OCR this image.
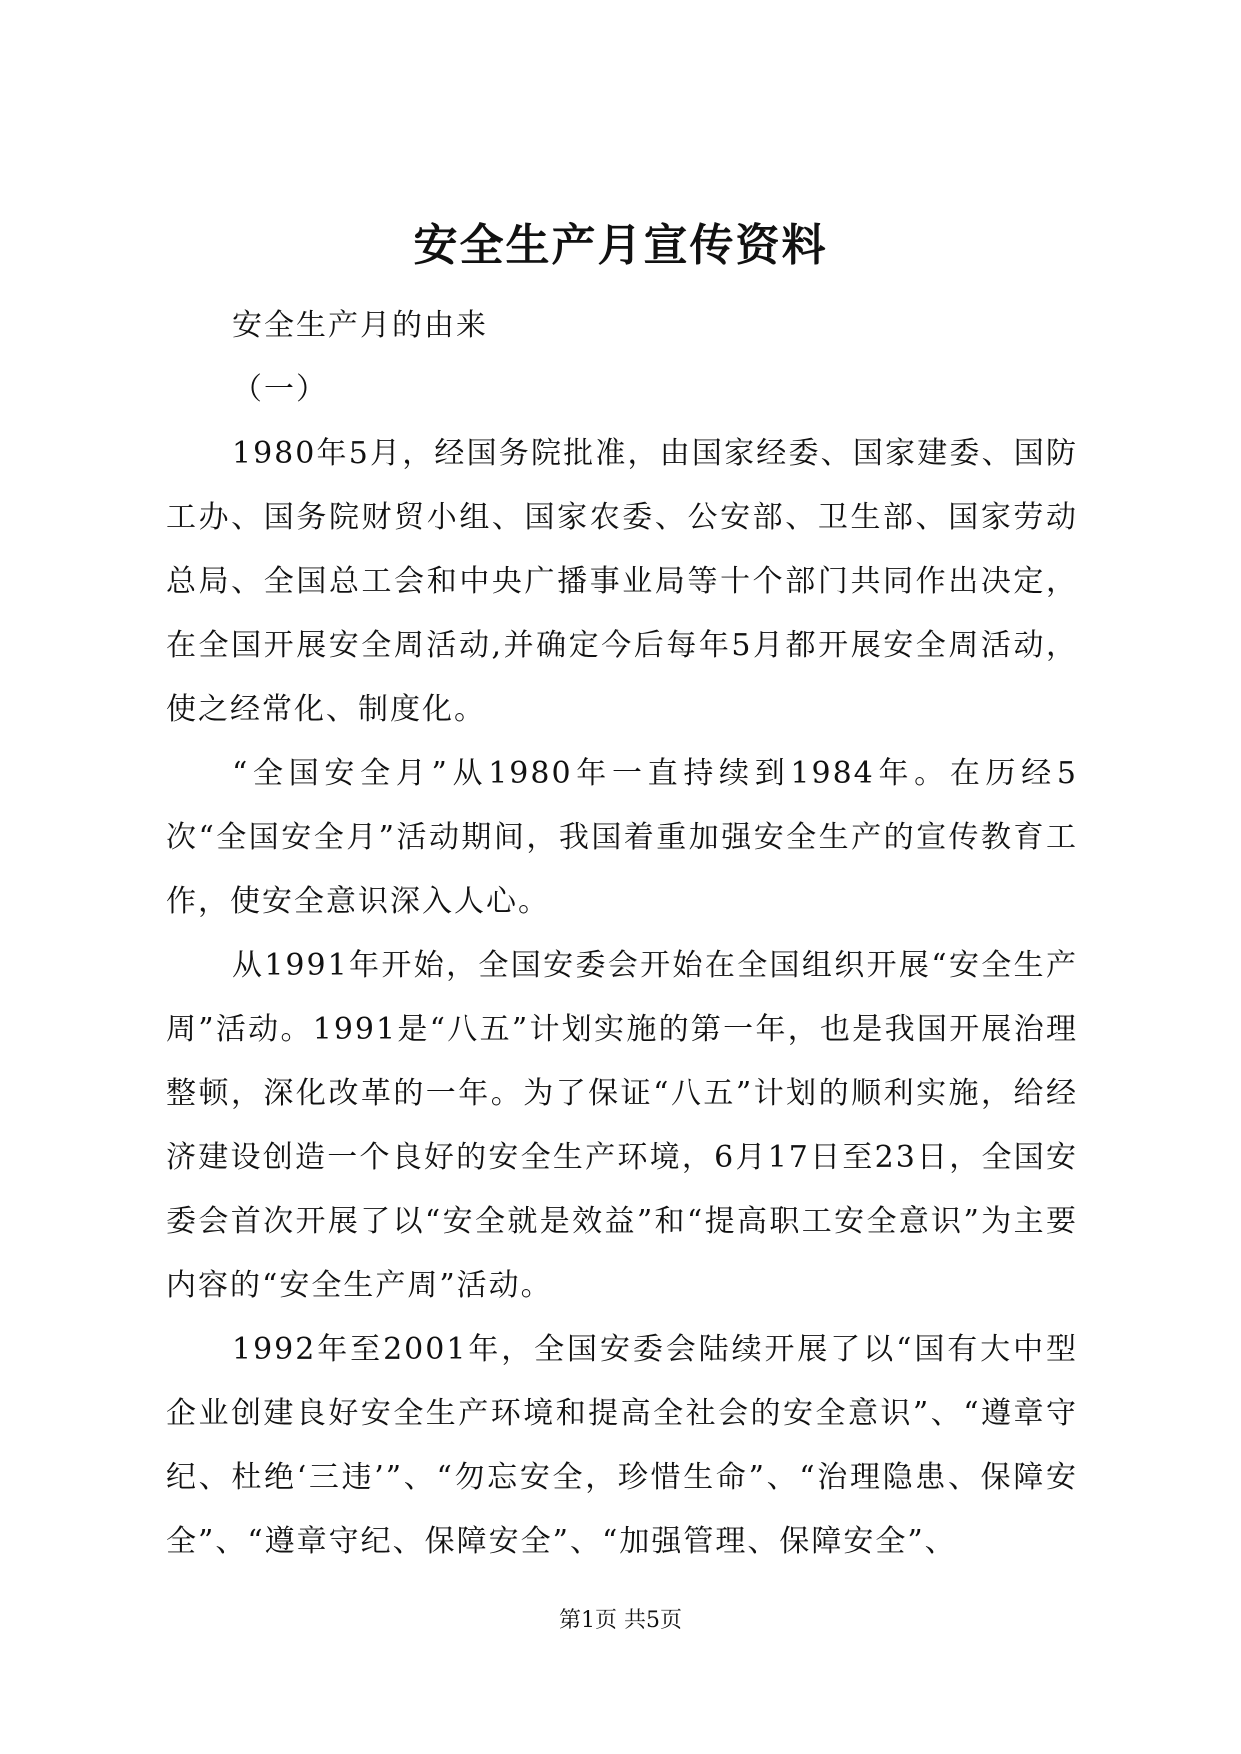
安全生产月宣传资料

安全生产月的由来

（一）

1980年5月，经国务院批准，由国家经委、国家建委、国防工办、国务院财贸小组、国家农委、公安部、卫生部、国家劳动总局、全国总工会和中央广播事业局等十个部门共同作出决定，在全国开展安全周活动,并确定今后每年5月都开展安全周活动，使之经常化、制度化。

“全国安全月”从1980年一直持续到1984年。在历经5次“全国安全月”活动期间，我国着重加强安全生产的宣传教育工作，使安全意识深入人心。

从1991年开始，全国安委会开始在全国组织开展“安全生产周”活动。1991是“八五”计划实施的第一年，也是我国开展治理整顿，深化改革的一年。为了保证“八五”计划的顺利实施，给经济建设创造一个良好的安全生产环境，6月17日至23日，全国安委会首次开展了以“安全就是效益”和“提高职工安全意识”为主要内容的“安全生产周”活动。

1992年至2001年，全国安委会陆续开展了以“国有大中型企业创建良好安全生产环境和提高全社会的安全意识”、“遵章守纪、杜绝‘三违’”、“勿忘安全，珍惜生命”、“治理隐患、保障安全”、“遵章守纪、保障安全”、“加强管理、保障安全”、

第1页 共5页
